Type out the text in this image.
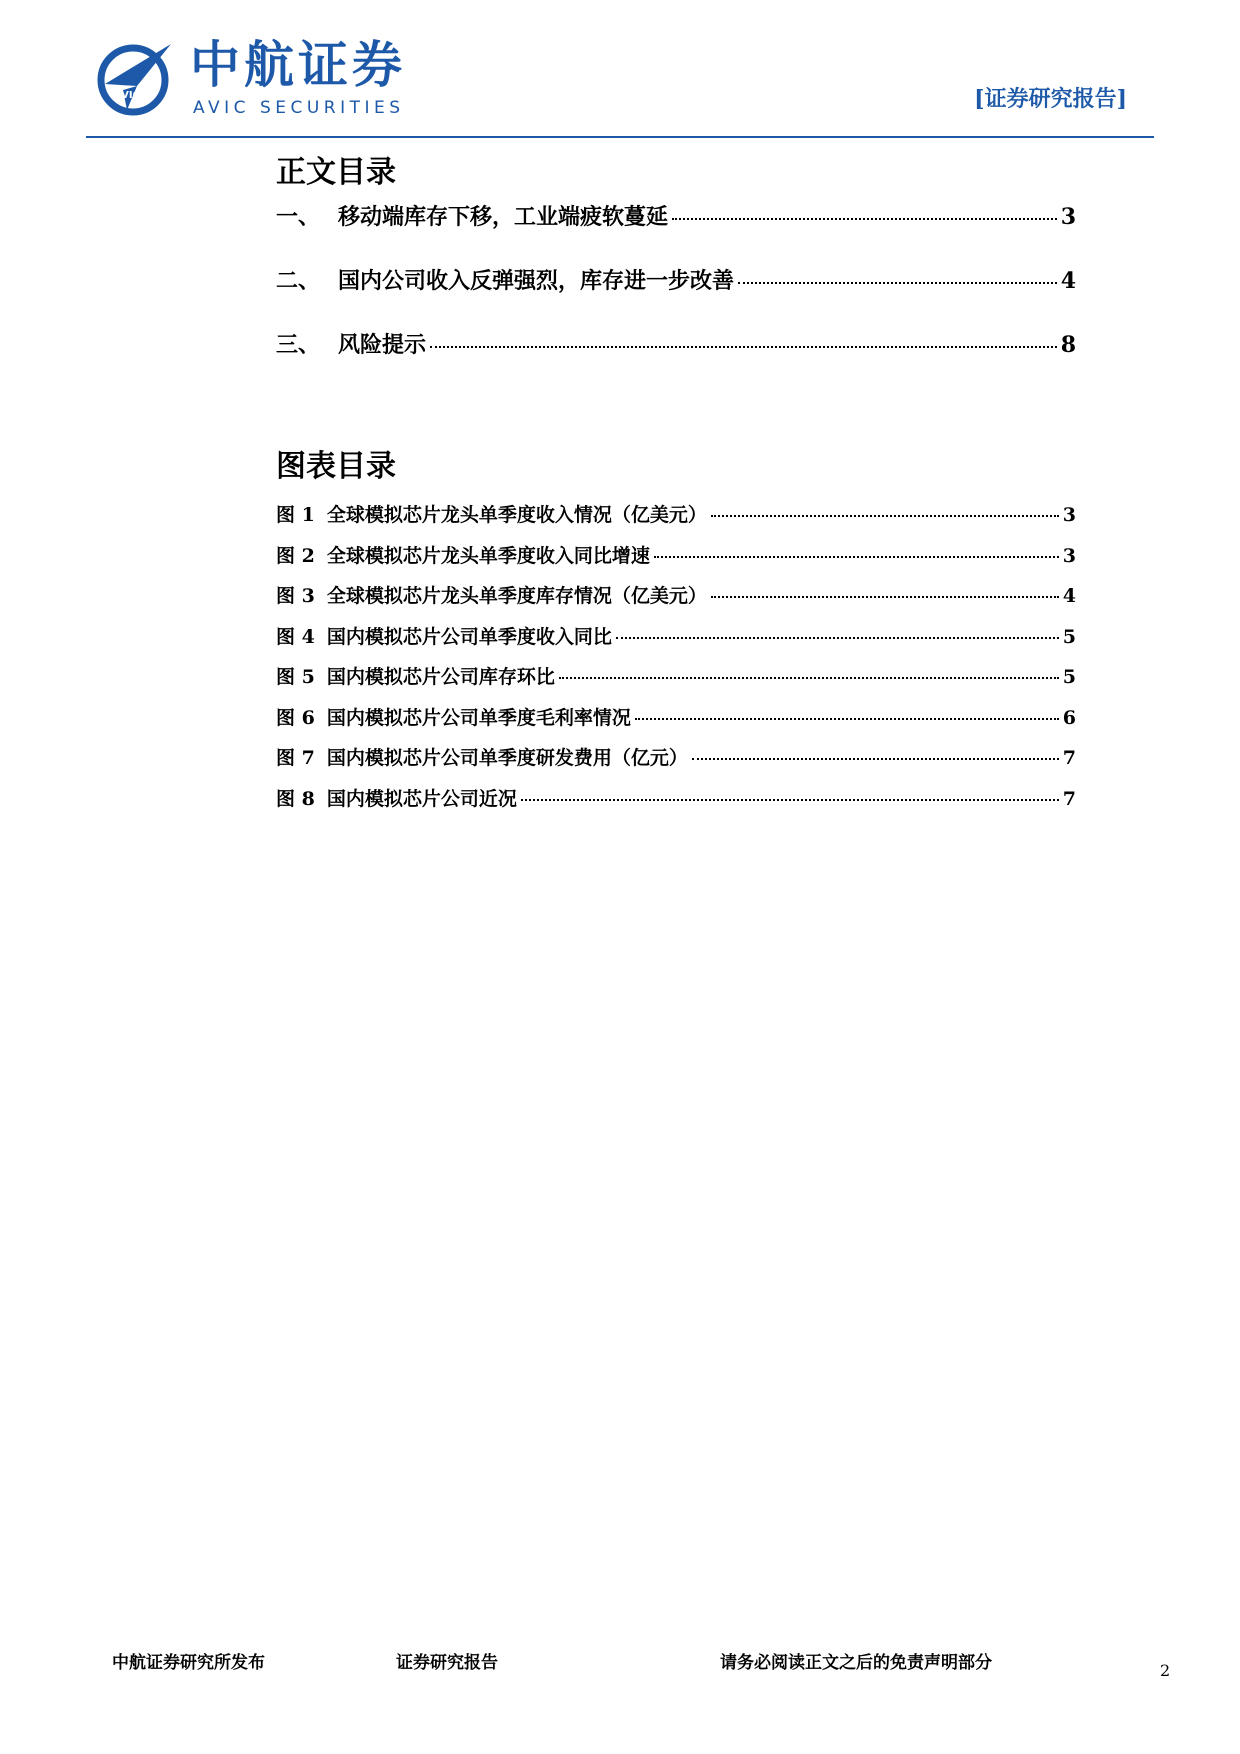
AVIC
中航证券
AVIC SECURITIES	[证券研究报告]
正文目录
一、 移动端库存下移，工业端疲软蔓延	3
二、 国内公司收入反弹强烈，库存进一步改善	4
三、 风险提示	8
图表目录
图 1 全球模拟芯片龙头单季度收入情况（亿美元）	3
图 2 全球模拟芯片龙头单季度收入同比增速	3
图 3 全球模拟芯片龙头单季度库存情况（亿美元）	4
图 4 国内模拟芯片公司单季度收入同比	5
图 5 国内模拟芯片公司库存环比	5
图 6 国内模拟芯片公司单季度毛利率情况	6
图 7 国内模拟芯片公司单季度研发费用（亿元）	7
图 8 国内模拟芯片公司近况	7
中航证券研究所发布	证券研究报告	请务必阅读正文之后的免责声明部分	2
